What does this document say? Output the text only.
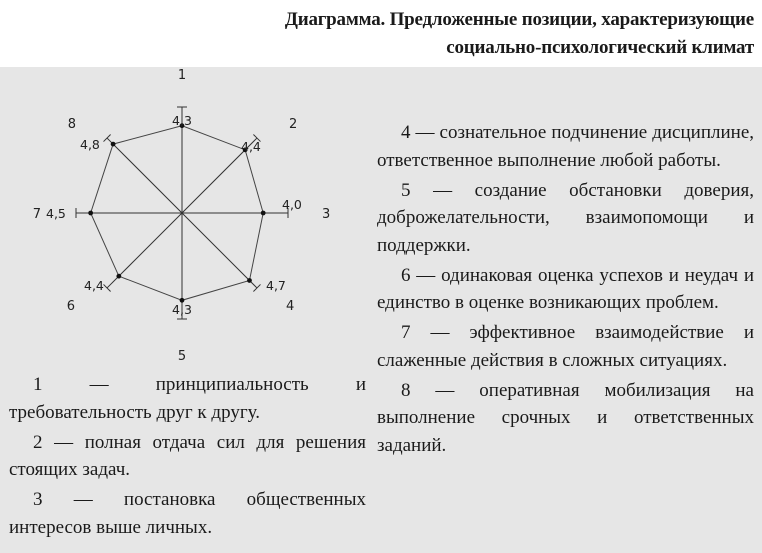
Диаграмма. Предложенные позиции, характеризующие
социально-психологический климат
1
4,3	2
4,4
3
4,0
4
4,7
5
4,3
6
4,4
7 4,5
8
4,8

1 — принципиальность и требовательность друг к другу.

2 — полная отдача сил для решения стоящих задач.

3 — постановка общественных интересов выше личных.

4 — сознательное подчинение дисциплине, ответственное выполнение любой работы.

5 — создание обстановки доверия, доброжелательности, взаимопомощи и поддержки.

6 — одинаковая оценка успехов и неудач и единство в оценке возникающих проблем.

7 — эффективное взаимодействие и слаженные действия в сложных ситуациях.

8 — оперативная мобилизация на выполнение срочных и ответственных заданий.
